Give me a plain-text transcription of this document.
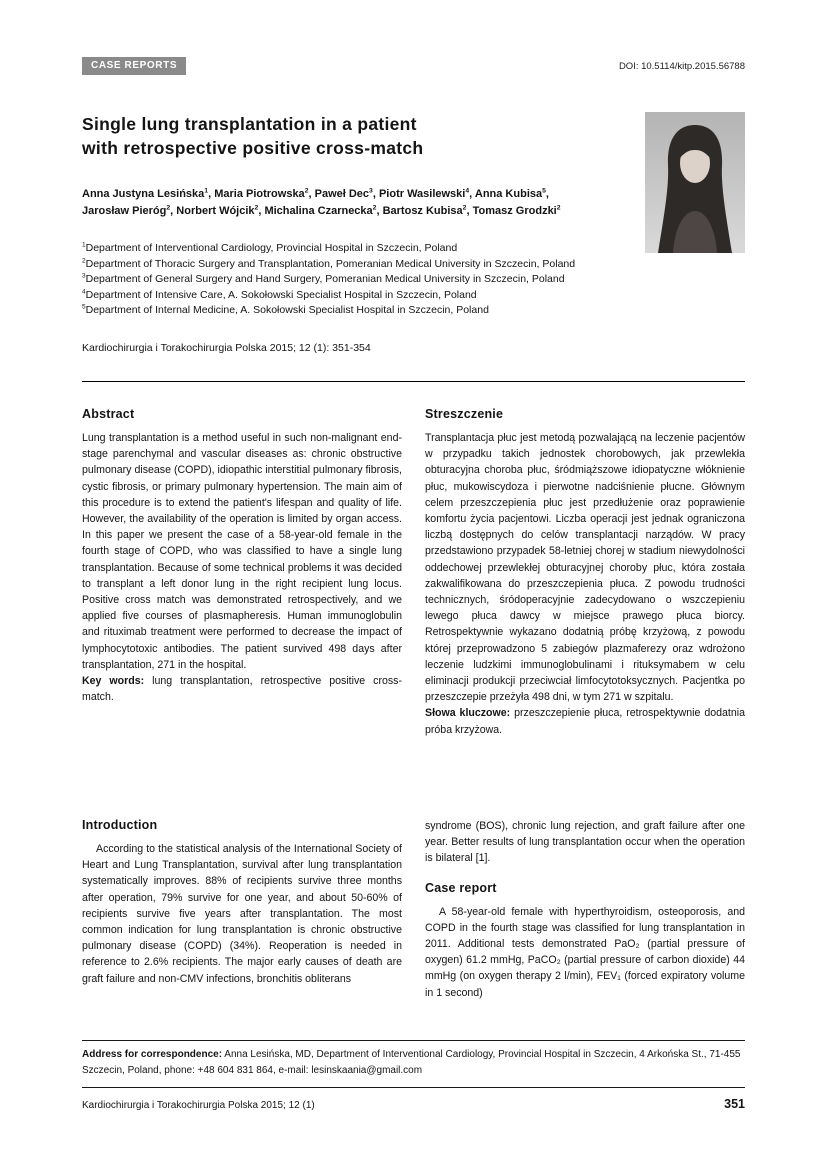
CASE REPORTS	DOI: 10.5114/kitp.2015.56788
Single lung transplantation in a patient
with retrospective positive cross-match
Anna Justyna Lesińska$^1$, Maria Piotrowska$^2$, Paweł Dec$^3$, Piotr Wasilewski$^4$, Anna Kubisa$^5$,
Jarosław Pieróg$^2$, Norbert Wójcik$^2$, Michalina Czarnecka$^2$, Bartosz Kubisa$^2$, Tomasz Grodzki$^2$
$^1$Department of Interventional Cardiology, Provincial Hospital in Szczecin, Poland
$^2$Department of Thoracic Surgery and Transplantation, Pomeranian Medical University in Szczecin, Poland
$^3$Department of General Surgery and Hand Surgery, Pomeranian Medical University in Szczecin, Poland
$^4$Department of Intensive Care, A. Sokołowski Specialist Hospital in Szczecin, Poland
$^5$Department of Internal Medicine, A. Sokołowski Specialist Hospital in Szczecin, Poland
Kardiochirurgia i Torakochirurgia Polska 2015; 12 (1): 351-354
Abstract

Lung transplantation is a method useful in such non-malignant end-stage parenchymal and vascular diseases as: chronic obstructive pulmonary disease (COPD), idiopathic interstitial pulmonary fibrosis, cystic fibrosis, or primary pulmonary hypertension. The main aim of this procedure is to extend the patient's lifespan and quality of life. However, the availability of the operation is limited by organ access. In this paper we present the case of a 58-year-old female in the fourth stage of COPD, who was classified to have a single lung transplantation. Because of some technical problems it was decided to transplant a left donor lung in the right recipient lung locus. Positive cross match was demonstrated retrospectively, and we applied five courses of plasmapheresis. Human immunoglobulin and rituximab treatment were performed to decrease the impact of lymphocytotoxic antibodies. The patient survived 498 days after transplantation, 271 in the hospital.

Key words: lung transplantation, retrospective positive cross-match.

Streszczenie

Transplantacja płuc jest metodą pozwalającą na leczenie pacjentów w przypadku takich jednostek chorobowych, jak przewlekła obturacyjna choroba płuc, śródmiąższowe idiopatyczne włóknienie płuc, mukowiscydoza i pierwotne nadciśnienie płucne. Głównym celem przeszczepienia płuc jest przedłużenie oraz poprawienie komfortu życia pacjentowi. Liczba operacji jest jednak ograniczona liczbą dostępnych do celów transplantacji narządów. W pracy przedstawiono przypadek 58-letniej chorej w stadium niewydolności oddechowej przewlekłej obturacyjnej choroby płuc, która została zakwalifikowana do przeszczepienia płuca. Z powodu trudności technicznych, śródoperacyjnie zadecydowano o wszczepieniu lewego płuca dawcy w miejsce prawego płuca biorcy. Retrospektywnie wykazano dodatnią próbę krzyżową, z powodu której przeprowadzono 5 zabiegów plazmaferezy oraz wdrożono leczenie ludzkimi immunoglobulinami i rituksymabem w celu eliminacji produkcji przeciwciał limfocytotoksycznych. Pacjentka po przeszczepie przeżyła 498 dni, w tym 271 w szpitalu.

Słowa kluczowe: przeszczepienie płuca, retrospektywnie dodatnia próba krzyżowa.

Introduction

According to the statistical analysis of the International Society of Heart and Lung Transplantation, survival after lung transplantation systematically improves. 88% of recipients survive three months after operation, 79% survive for one year, and about 50-60% of recipients survive five years after transplantation. The most common indication for lung transplantation is chronic obstructive pulmonary disease (COPD) (34%). Reoperation is needed in reference to 2.6% recipients. The major early causes of death are graft failure and non-CMV infections, bronchitis obliterans

syndrome (BOS), chronic lung rejection, and graft failure after one year. Better results of lung transplantation occur when the operation is bilateral [1].

Case report

A 58-year-old female with hyperthyroidism, osteoporosis, and COPD in the fourth stage was classified for lung transplantation in 2011. Additional tests demonstrated PaO₂ (partial pressure of oxygen) 61.2 mmHg, PaCO₂ (partial pressure of carbon dioxide) 44 mmHg (on oxygen therapy 2 l/min), FEV₁ (forced expiratory volume in 1 second)

Address for correspondence: Anna Lesińska, MD, Department of Interventional Cardiology, Provincial Hospital in Szczecin, 4 Arkońska St., 71-455 Szczecin, Poland, phone: +48 604 831 864, e-mail: lesinskaania@gmail.com
Kardiochirurgia i Torakochirurgia Polska 2015; 12 (1)	351
